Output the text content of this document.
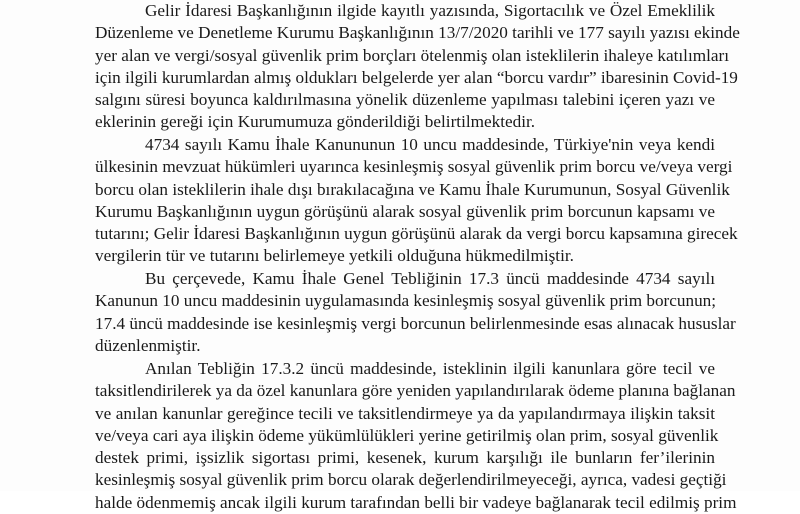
Gelir İdaresi Başkanlığının ilgide kayıtlı yazısında, Sigortacılık ve Özel Emeklilik
Düzenleme ve Denetleme Kurumu Başkanlığının 13/7/2020 tarihli ve 177 sayılı yazısı ekinde
yer alan ve vergi/sosyal güvenlik prim borçları ötelenmiş olan isteklilerin ihaleye katılımları
için ilgili kurumlardan almış oldukları belgelerde yer alan “borcu vardır” ibaresinin Covid-19
salgını süresi boyunca kaldırılmasına yönelik düzenleme yapılması talebini içeren yazı ve
eklerinin gereği için Kurumumuza gönderildiği belirtilmektedir.
4734 sayılı Kamu İhale Kanununun 10 uncu maddesinde, Türkiye'nin veya kendi
ülkesinin mevzuat hükümleri uyarınca kesinleşmiş sosyal güvenlik prim borcu ve/veya vergi
borcu olan isteklilerin ihale dışı bırakılacağına ve Kamu İhale Kurumunun, Sosyal Güvenlik
Kurumu Başkanlığının uygun görüşünü alarak sosyal güvenlik prim borcunun kapsamı ve
tutarını; Gelir İdaresi Başkanlığının uygun görüşünü alarak da vergi borcu kapsamına girecek
vergilerin tür ve tutarını belirlemeye yetkili olduğuna hükmedilmiştir.
Bu çerçevede, Kamu İhale Genel Tebliğinin 17.3 üncü maddesinde 4734 sayılı
Kanunun 10 uncu maddesinin uygulamasında kesinleşmiş sosyal güvenlik prim borcunun;
17.4 üncü maddesinde ise kesinleşmiş vergi borcunun belirlenmesinde esas alınacak hususlar
düzenlenmiştir.
Anılan Tebliğin 17.3.2 üncü maddesinde, isteklinin ilgili kanunlara göre tecil ve
taksitlendirilerek ya da özel kanunlara göre yeniden yapılandırılarak ödeme planına bağlanan
ve anılan kanunlar gereğince tecili ve taksitlendirmeye ya da yapılandırmaya ilişkin taksit
ve/veya cari aya ilişkin ödeme yükümlülükleri yerine getirilmiş olan prim, sosyal güvenlik
destek primi, işsizlik sigortası primi, kesenek, kurum karşılığı ile bunların fer’ilerinin
kesinleşmiş sosyal güvenlik prim borcu olarak değerlendirilmeyeceği, ayrıca, vadesi geçtiği
halde ödenmemiş ancak ilgili kurum tarafından belli bir vadeye bağlanarak tecil edilmiş prim
